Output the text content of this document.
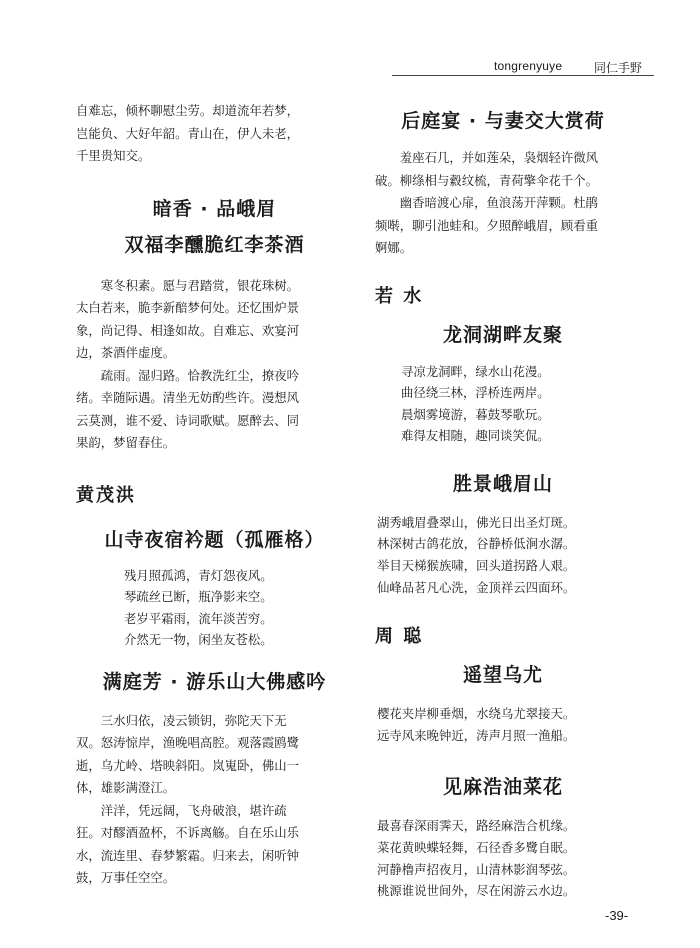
tongrenyuye	同仁手野

自难忘，倾杯聊慰尘劳。却道流年若梦，

岂能负、大好年韶。青山在，伊人未老，

千里贵知交。

暗香 · 品峨眉
双福李醺脆红李茶酒

寒冬积素。愿与君踏赏，银花珠树。

太白若来，脆李新醅梦何处。还忆围炉景

象，尚记得、相逢如故。自难忘、欢宴河

边，茶酒伴虚度。

疏雨。湿归路。恰教洗红尘，撩夜吟

绪。幸随际遇。清坐无妨酌些许。漫想风

云莫测，谁不爱、诗词歌赋。愿醉去、同

果韵，梦留春住。

黄茂洪
山寺夜宿衿题（孤雁格）

残月照孤鸿，青灯怨夜风。

琴疏丝已断，瓶净影来空。

老岁平霜雨，流年淡苦穷。

介然无一物，闲坐友苍松。

满庭芳 · 游乐山大佛感吟

三水归依，凌云锁钥，弥陀天下无

双。怒涛惊岸，渔晚唱高腔。观落霞鸥鹭

逝，乌尤岭、塔映斜阳。岚嵬卧，佛山一

体，雄影满澄江。

洋洋，凭远阔，飞舟破浪，堪许疏

狂。对醪酒盈杯，不诉离觞。自在乐山乐

水，流连里、春梦繁霜。归来去，闲听钟

鼓，万事任空空。

后庭宴 · 与妻交大赏荷

羞座石几，并如莲朵，袅烟轻许微风

破。柳绦相与縠纹梳，青荷擎伞花千个。

幽香暗渡心扉，鱼浪荡开萍颗。杜鹃

频啭，聊引池蛙和。夕照醉峨眉，顾看重

婀娜。

若 水
龙洞湖畔友聚

寻凉龙洞畔，绿水山花漫。

曲径绕三林，浮桥连两岸。

晨烟雾境游，暮鼓琴歌玩。

难得友相随，趣同谈笑侃。

胜景峨眉山

湖秀峨眉叠翠山，佛光日出圣灯斑。

林深树古鸽花放，谷静桥低涧水潺。

举目天梯猴族啸，回头道拐路人艰。

仙峰品茗凡心洗，金顶祥云四面环。

周 聪
遥望乌尤

樱花夹岸柳垂烟，水绕乌尤翠接天。

远寺风来晚钟近，涛声月照一渔船。

见麻浩油菜花

最喜春深雨霁天，路经麻浩合机缘。

菜花黄映蝶轻舞，石径香多鹭自眠。

河静橹声招夜月，山清林影润琴弦。

桃源谁说世间外，尽在闲游云水边。

-39-
